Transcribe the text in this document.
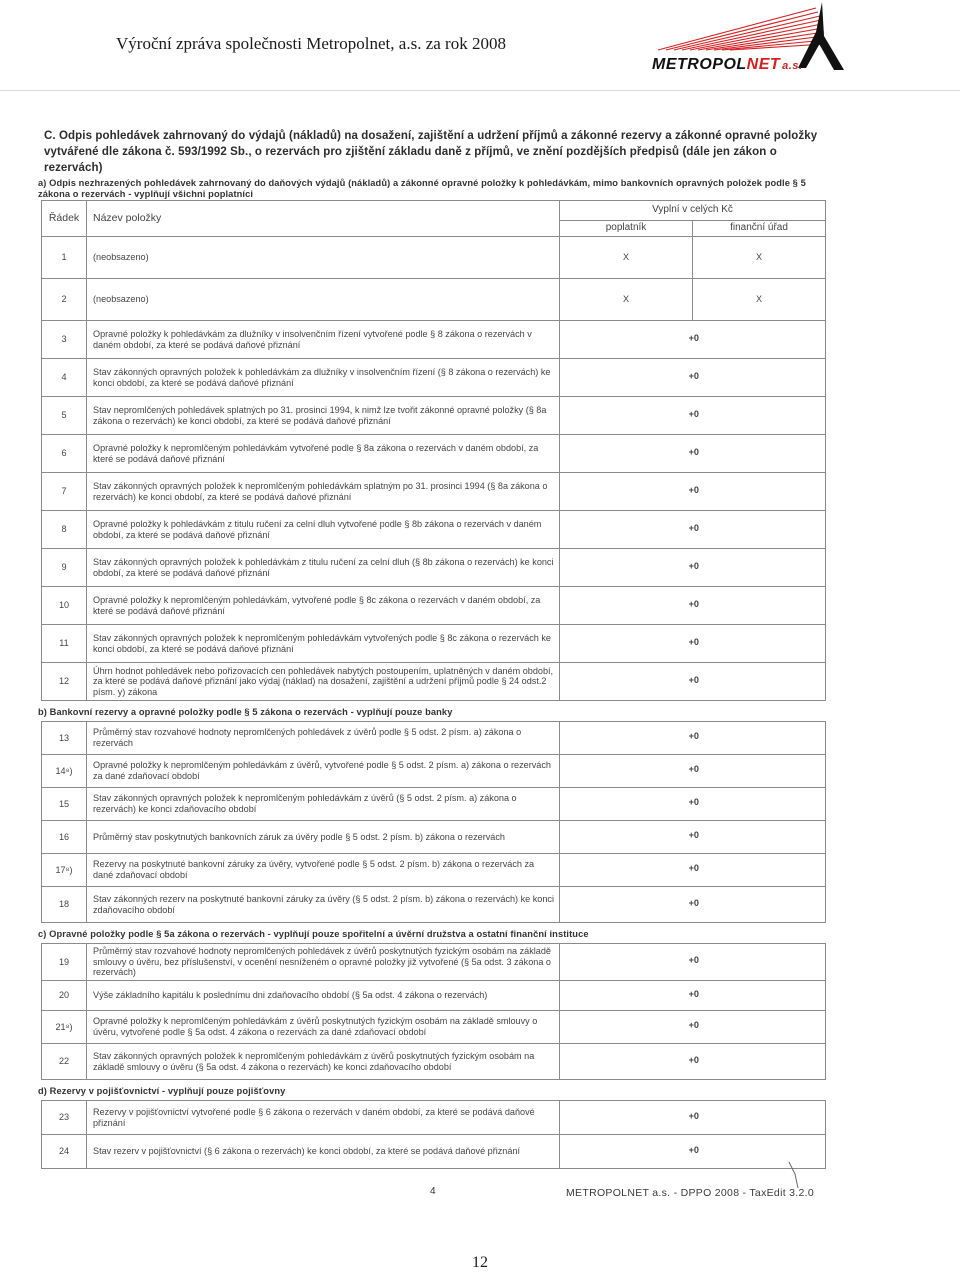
Výroční zpráva společnosti Metropolnet, a.s. za rok 2008
METROPOLNET a.s.
C. Odpis pohledávek zahrnovaný do výdajů (nákladů) na dosažení, zajištění a udržení příjmů a zákonné rezervy a zákonné opravné položky vytvářené dle zákona č. 593/1992 Sb., o rezervách pro zjištění základu daně z příjmů, ve znění pozdějších předpisů (dále jen zákon o rezervách)
a) Odpis nezhrazených pohledávek zahrnovaný do daňových výdajů (nákladů) a zákonné opravné položky k pohledávkám, mimo bankovních opravných položek podle § 5 zákona o rezervách - vyplňují všichni poplatníci
Řádek	Název položky	Vyplní v celých Kč	
		poplatník	finanční úřad
1	(neobsazeno)	X	X
2	(neobsazeno)	X	X
3	Opravné položky k pohledávkám za dlužníky v insolvenčním řízení vytvořené podle § 8 zákona o rezervách v daném období, za které se podává daňové přiznání	+0	
4	Stav zákonných opravných položek k pohledávkám za dlužníky v insolvenčním řízení (§ 8 zákona o rezervách) ke konci období, za které se podává daňové přiznání	+0	
5	Stav nepromlčených pohledávek splatných po 31. prosinci 1994, k nimž lze tvořit zákonné opravné položky (§ 8a zákona o rezervách) ke konci období, za které se podává daňové přiznání	+0	
6	Opravné položky k nepromlčeným pohledávkám vytvořené podle § 8a zákona o rezervách v daném období, za které se podává daňové přiznání	+0	
7	Stav zákonných opravných položek k nepromlčeným pohledávkám splatným po 31. prosinci 1994 (§ 8a zákona o rezervách) ke konci období, za které se podává daňové přiznání	+0	
8	Opravné položky k pohledávkám z titulu ručení za celní dluh vytvořené podle § 8b zákona o rezervách v daném období, za které se podává daňové přiznání	+0	
9	Stav zákonných opravných položek k pohledávkám z titulu ručení za celní dluh (§ 8b zákona o rezervách) ke konci období, za které se podává daňové přiznání	+0	
10	Opravné položky k nepromlčeným pohledávkám, vytvořené podle § 8c zákona o rezervách v daném období, za které se podává daňové přiznání	+0	
11	Stav zákonných opravných položek k nepromlčeným pohledávkám vytvořených podle § 8c zákona o rezervách ke konci období, za které se podává daňové přiznání	+0	
12	Úhrn hodnot pohledávek nebo pořizovacích cen pohledávek nabytých postoupením, uplatněných v daném období, za které se podává daňové přiznání jako výdaj (náklad) na dosažení, zajištění a udržení příjmů podle § 24 odst.2 písm. y) zákona	+0	
b) Bankovní rezervy a opravné položky podle § 5 zákona o rezervách - vyplňují pouze banky
13	Průměrný stav rozvahové hodnoty nepromlčených pohledávek z úvěrů podle § 5 odst. 2 písm. a) zákona o rezervách	+0
14⁸)	Opravné položky k nepromlčeným pohledávkám z úvěrů, vytvořené podle § 5 odst. 2 písm. a) zákona o rezervách za dané zdaňovací období	+0
15	Stav zákonných opravných položek k nepromlčeným pohledávkám z úvěrů (§ 5 odst. 2 písm. a) zákona o rezervách) ke konci zdaňovacího období	+0
16	Průměrný stav poskytnutých bankovních záruk za úvěry podle § 5 odst. 2 písm. b) zákona o rezervách	+0
17⁸)	Rezervy na poskytnuté bankovní záruky za úvěry, vytvořené podle § 5 odst. 2 písm. b) zákona o rezervách za dané zdaňovací období	+0
18	Stav zákonných rezerv na poskytnuté bankovní záruky za úvěry (§ 5 odst. 2 písm. b) zákona o rezervách) ke konci zdaňovacího období	+0
c) Opravné položky podle § 5a zákona o rezervách - vyplňují pouze spořitelní a úvěrní družstva a ostatní finanční instituce
19	Průměrný stav rozvahové hodnoty nepromlčených pohledávek z úvěrů poskytnutých fyzickým osobám na základě smlouvy o úvěru, bez příslušenství, v ocenění nesníženém o opravné položky již vytvořené (§ 5a odst. 3 zákona o rezervách)	+0
20	Výše základního kapitálu k poslednímu dni zdaňovacího období (§ 5a odst. 4 zákona o rezervách)	+0
21⁸)	Opravné položky k nepromlčeným pohledávkám z úvěrů poskytnutých fyzickým osobám na základě smlouvy o úvěru, vytvořené podle § 5a odst. 4 zákona o rezervách za dané zdaňovací období	+0
22	Stav zákonných opravných položek k nepromlčeným pohledávkám z úvěrů poskytnutých fyzickým osobám na základě smlouvy o úvěru (§ 5a odst. 4 zákona o rezervách) ke konci zdaňovacího období	+0
d) Rezervy v pojišťovnictví - vyplňují pouze pojišťovny
23	Rezervy v pojišťovnictví vytvořené podle § 6 zákona o rezervách v daném období, za které se podává daňové přiznání	+0
24	Stav rezerv v pojišťovnictví (§ 6 zákona o rezervách) ke konci období, za které se podává daňové přiznání	+0
4	METROPOLNET a.s. - DPPO 2008 - TaxEdit 3.2.0
12
